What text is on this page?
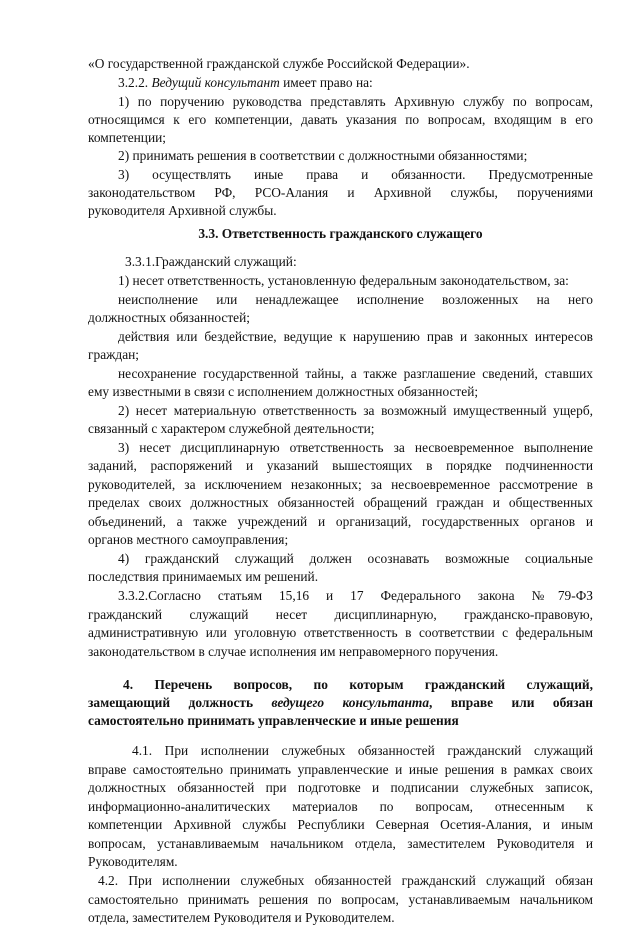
3.3. Ответственность гражданского служащего
4. Перечень вопросов, по которым гражданский служащий,
замещающий должность ведущего консультанта, вправе или обязан
самостоятельно принимать управленческие и иные решения
«О государственной гражданской службе Российской Федерации».
3.2.2. Ведущий консультант имеет право на:
1) по поручению руководства представлять Архивную службу по вопросам,
относящимся к его компетенции, давать указания по вопросам, входящим в его
компетенции;
2) принимать решения в соответствии с должностными обязанностями;
3) осуществлять иные права и обязанности. Предусмотренные
законодательством РФ, РСО-Алания и Архивной службы, поручениями
руководителя Архивной службы.
3.3.1.Гражданский служащий:
1) несет ответственность, установленную федеральным законодательством, за:
неисполнение или ненадлежащее исполнение возложенных на него
должностных обязанностей;
действия или бездействие, ведущие к нарушению прав и законных интересов
граждан;
несохранение государственной тайны, а также разглашение сведений, ставших
ему известными в связи с исполнением должностных обязанностей;
2) несет материальную ответственность за возможный имущественный ущерб,
связанный с характером служебной деятельности;
3) несет дисциплинарную ответственность за несвоевременное выполнение
заданий, распоряжений и указаний вышестоящих в порядке подчиненности
руководителей, за исключением незаконных; за несвоевременное рассмотрение в
пределах своих должностных обязанностей обращений граждан и общественных
объединений, а также учреждений и организаций, государственных органов и
органов местного самоуправления;
4) гражданский служащий должен осознавать возможные социальные
последствия принимаемых им решений.
3.3.2.Согласно статьям 15,16 и 17 Федерального закона №79-ФЗ
гражданский служащий несет дисциплинарную, гражданско-правовую,
административную или уголовную ответственность в соответствии с федеральным
законодательством в случае исполнения им неправомерного поручения.
4.1. При исполнении служебных обязанностей гражданский служащий
вправе самостоятельно принимать управленческие и иные решения в рамках своих
должностных обязанностей при подготовке и подписании служебных записок,
информационно-аналитических материалов по вопросам, отнесенным к
компетенции Архивной службы Республики Северная Осетия-Алания, и иным
вопросам, устанавливаемым начальником отдела, заместителем Руководителя и
Руководителям.
4.2. При исполнении служебных обязанностей гражданский служащий обязан
самостоятельно принимать решения по вопросам, устанавливаемым начальником
отдела, заместителем Руководителя и Руководителем.
